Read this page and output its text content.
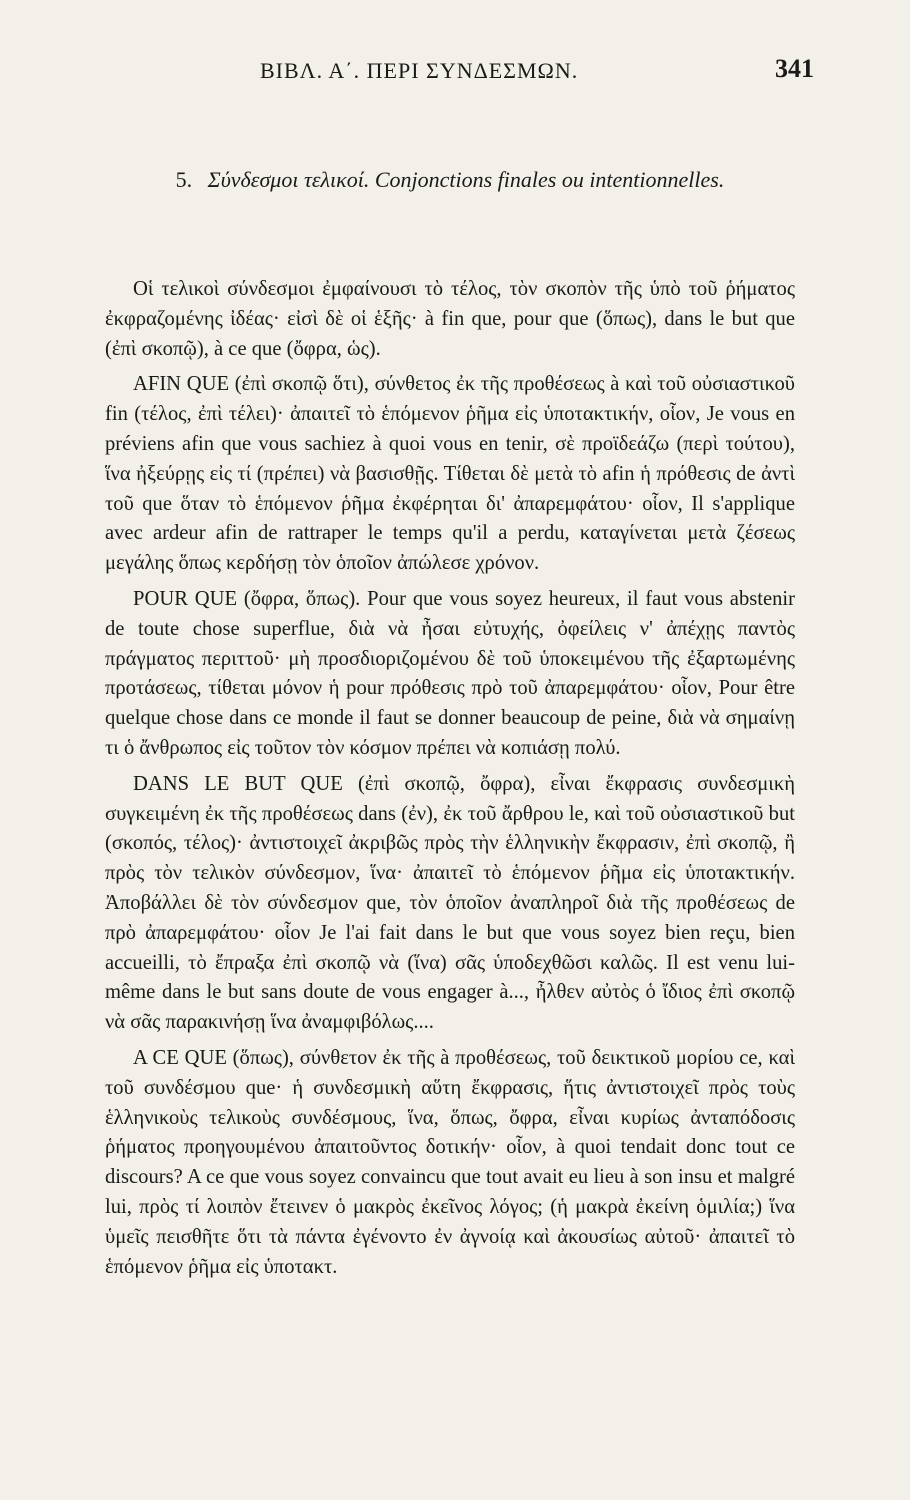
ΒΙΒΛ. Α΄. ΠΕΡΙ ΣΥΝΔΕΣΜΩΝ.	341
5. Σύνδεσμοι τελικοί. Conjonctions finales ou intentionnelles.

Οἱ τελικοὶ σύνδεσμοι ἐμφαίνουσι τὸ τέλος, τὸν σκοπὸν τῆς ὑπὸ τοῦ ῥήματος ἐκφραζομένης ἰδέας· εἰσὶ δὲ οἱ ἑξῆς· à fin que, pour que (ὅπως), dans le but que (ἐπὶ σκοπῷ), à ce que (ὄφρα, ὡς).

AFIN QUE (ἐπὶ σκοπῷ ὅτι), σύνθετος ἐκ τῆς προθέσεως à καὶ τοῦ οὐσιαστικοῦ fin (τέλος, ἐπὶ τέλει)· ἀπαιτεῖ τὸ ἑπόμενον ῥῆμα εἰς ὑποτακτικήν, οἷον, Je vous en préviens afin que vous sachiez à quoi vous en tenir, σὲ προϊδεάζω (περὶ τούτου), ἵνα ἠξεύρῃς εἰς τί (πρέπει) νὰ βασισθῇς. Τίθεται δὲ μετὰ τὸ afin ἡ πρόθεσις de ἀντὶ τοῦ que ὅταν τὸ ἑπόμενον ῥῆμα ἐκφέρηται δι' ἀπαρεμφάτου· οἷον, Il s'applique avec ardeur afin de rattraper le temps qu'il a perdu, καταγίνεται μετὰ ζέσεως μεγάλης ὅπως κερδήσῃ τὸν ὁποῖον ἀπώλεσε χρόνον.

POUR QUE (ὄφρα, ὅπως). Pour que vous soyez heureux, il faut vous abstenir de toute chose superflue, διὰ νὰ ἦσαι εὐτυχής, ὀφείλεις ν' ἀπέχῃς παντὸς πράγματος περιττοῦ· μὴ προσδιοριζομένου δὲ τοῦ ὑποκειμένου τῆς ἐξαρτωμένης προτάσεως, τίθεται μόνον ἡ pour πρόθεσις πρὸ τοῦ ἀπαρεμφάτου· οἷον, Pour être quelque chose dans ce monde il faut se donner beaucoup de peine, διὰ νὰ σημαίνῃ τι ὁ ἄνθρωπος εἰς τοῦτον τὸν κόσμον πρέπει νὰ κοπιάσῃ πολύ.

DANS LE BUT QUE (ἐπὶ σκοπῷ, ὄφρα), εἶναι ἔκφρασις συνδεσμικὴ συγκειμένη ἐκ τῆς προθέσεως dans (ἐν), ἐκ τοῦ ἄρθρου le, καὶ τοῦ οὐσιαστικοῦ but (σκοπός, τέλος)· ἀντιστοιχεῖ ἀκριβῶς πρὸς τὴν ἑλληνικὴν ἔκφρασιν, ἐπὶ σκοπῷ, ἢ πρὸς τὸν τελικὸν σύνδεσμον, ἵνα· ἀπαιτεῖ τὸ ἑπόμενον ῥῆμα εἰς ὑποτακτικήν. Ἀποβάλλει δὲ τὸν σύνδεσμον que, τὸν ὁποῖον ἀναπληροῖ διὰ τῆς προθέσεως de πρὸ ἀπαρεμφάτου· οἷον Je l'ai fait dans le but que vous soyez bien reçu, bien accueilli, τὸ ἔπραξα ἐπὶ σκοπῷ νὰ (ἵνα) σᾶς ὑποδεχθῶσι καλῶς. Il est venu lui-même dans le but sans doute de vous engager à..., ἦλθεν αὐτὸς ὁ ἴδιος ἐπὶ σκοπῷ νὰ σᾶς παρακινήσῃ ἵνα ἀναμφιβόλως....

A CE QUE (ὅπως), σύνθετον ἐκ τῆς à προθέσεως, τοῦ δεικτικοῦ μορίου ce, καὶ τοῦ συνδέσμου que· ἡ συνδεσμικὴ αὕτη ἔκφρασις, ἥτις ἀντιστοιχεῖ πρὸς τοὺς ἑλληνικοὺς τελικοὺς συνδέσμους, ἵνα, ὅπως, ὄφρα, εἶναι κυρίως ἀνταπόδοσις ῥήματος προηγουμένου ἀπαιτοῦντος δοτικήν· οἷον, à quoi tendait donc tout ce discours? A ce que vous soyez convaincu que tout avait eu lieu à son insu et malgré lui, πρὸς τί λοιπὸν ἔτεινεν ὁ μακρὸς ἐκεῖνος λόγος; (ἡ μακρὰ ἐκείνη ὁμιλία;) ἵνα ὑμεῖς πεισθῆτε ὅτι τὰ πάντα ἐγένοντο ἐν ἀγνοίᾳ καὶ ἀκουσίως αὐτοῦ· ἀπαιτεῖ τὸ ἑπόμενον ῥῆμα εἰς ὑποτακτ.
